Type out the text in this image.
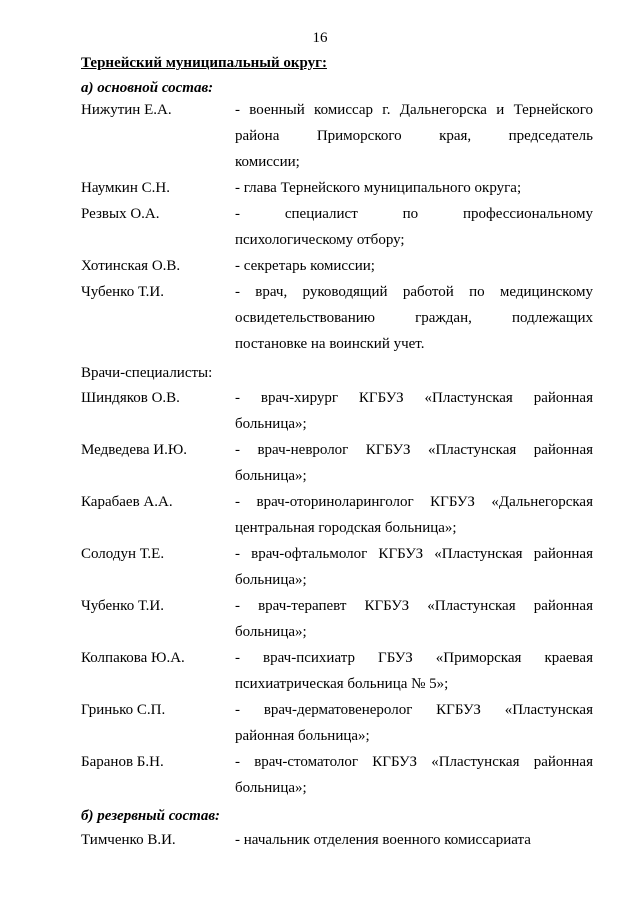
16
Тернейский муниципальный округ:
а) основной состав:
Нижутин Е.А.	- военный комиссар г. Дальнегорска и Тернейского
района Приморского края, председатель
комиссии;
Наумкин С.Н.	- глава Тернейского муниципального округа;
Резвых О.А.	- специалист по профессиональному
психологическому отбору;
Хотинская О.В.	- секретарь комиссии;
Чубенко Т.И.	- врач, руководящий работой по медицинскому
освидетельствованию граждан, подлежащих
постановке на воинский учет.
Врачи-специалисты:
Шиндяков О.В.	- врач-хирург КГБУЗ «Пластунская районная
больница»;
Медведева И.Ю.	- врач-невролог КГБУЗ «Пластунская районная
больница»;
Карабаев А.А.	- врач-оториноларинголог КГБУЗ «Дальнегорская
центральная городская больница»;
Солодун Т.Е.	- врач-офтальмолог КГБУЗ «Пластунская районная
больница»;
Чубенко Т.И.	- врач-терапевт КГБУЗ «Пластунская районная
больница»;
Колпакова Ю.А.	- врач-психиатр ГБУЗ «Приморская краевая
психиатрическая больница № 5»;
Гринько С.П.	- врач-дерматовенеролог КГБУЗ «Пластунская
районная больница»;
Баранов Б.Н.	- врач-стоматолог КГБУЗ «Пластунская районная
больница»;
б) резервный состав:
Тимченко В.И.	- начальник отделения военного комиссариата
